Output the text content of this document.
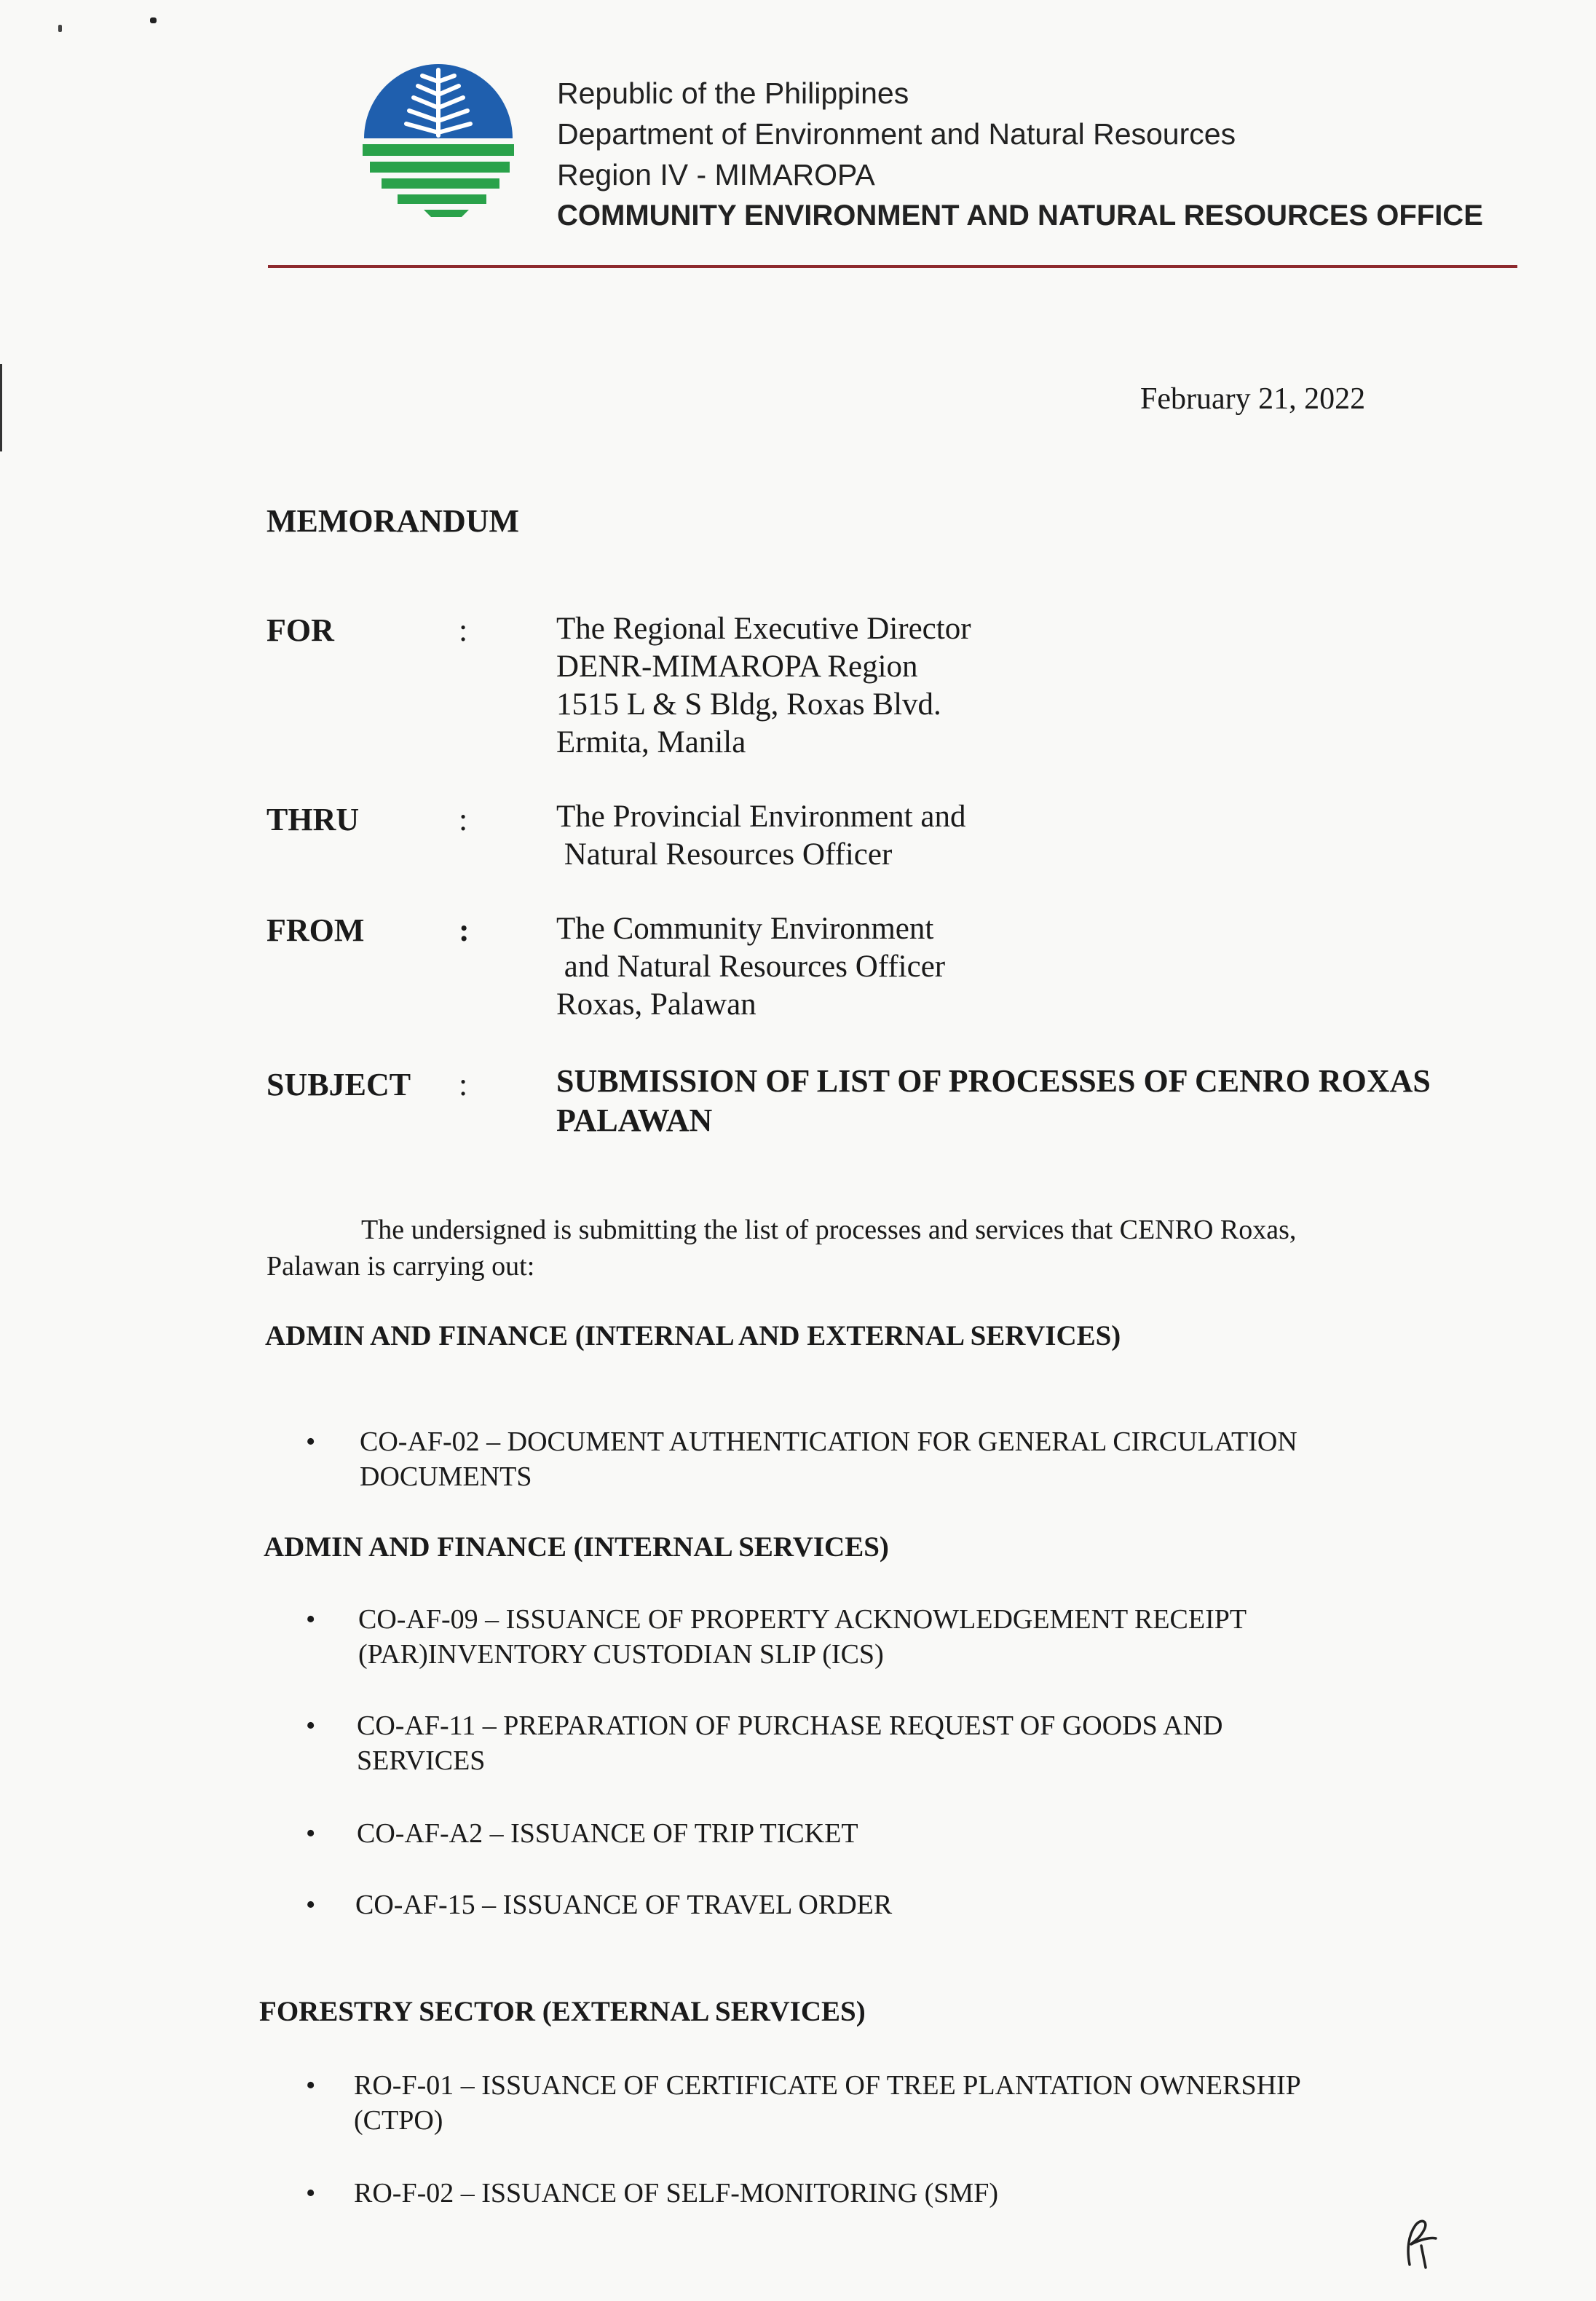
Republic of the Philippines
Department of Environment and Natural Resources
Region IV - MIMAROPA
COMMUNITY ENVIRONMENT AND NATURAL RESOURCES OFFICE
February 21, 2022
MEMORANDUM
FOR	:	The Regional Executive Director
DENR-MIMAROPA Region
1515 L & S Bldg, Roxas Blvd.
Ermita, Manila
THRU	:	The Provincial Environment and
Natural Resources Officer
FROM	:	The Community Environment
and Natural Resources Officer
Roxas, Palawan
SUBJECT :	SUBMISSION OF LIST OF PROCESSES OF CENRO ROXAS
PALAWAN
The undersigned is submitting the list of processes and services that CENRO Roxas,
Palawan is carrying out:
ADMIN AND FINANCE (INTERNAL AND EXTERNAL SERVICES)
• CO-AF-02 – DOCUMENT AUTHENTICATION FOR GENERAL CIRCULATION
DOCUMENTS
ADMIN AND FINANCE (INTERNAL SERVICES)
• CO-AF-09 – ISSUANCE OF PROPERTY ACKNOWLEDGEMENT RECEIPT
(PAR)INVENTORY CUSTODIAN SLIP (ICS)
• CO-AF-11 – PREPARATION OF PURCHASE REQUEST OF GOODS AND
SERVICES
• CO-AF-A2 – ISSUANCE OF TRIP TICKET
• CO-AF-15 – ISSUANCE OF TRAVEL ORDER
FORESTRY SECTOR (EXTERNAL SERVICES)
• RO-F-01 – ISSUANCE OF CERTIFICATE OF TREE PLANTATION OWNERSHIP
(CTPO)
• RO-F-02 – ISSUANCE OF SELF-MONITORING (SMF)
